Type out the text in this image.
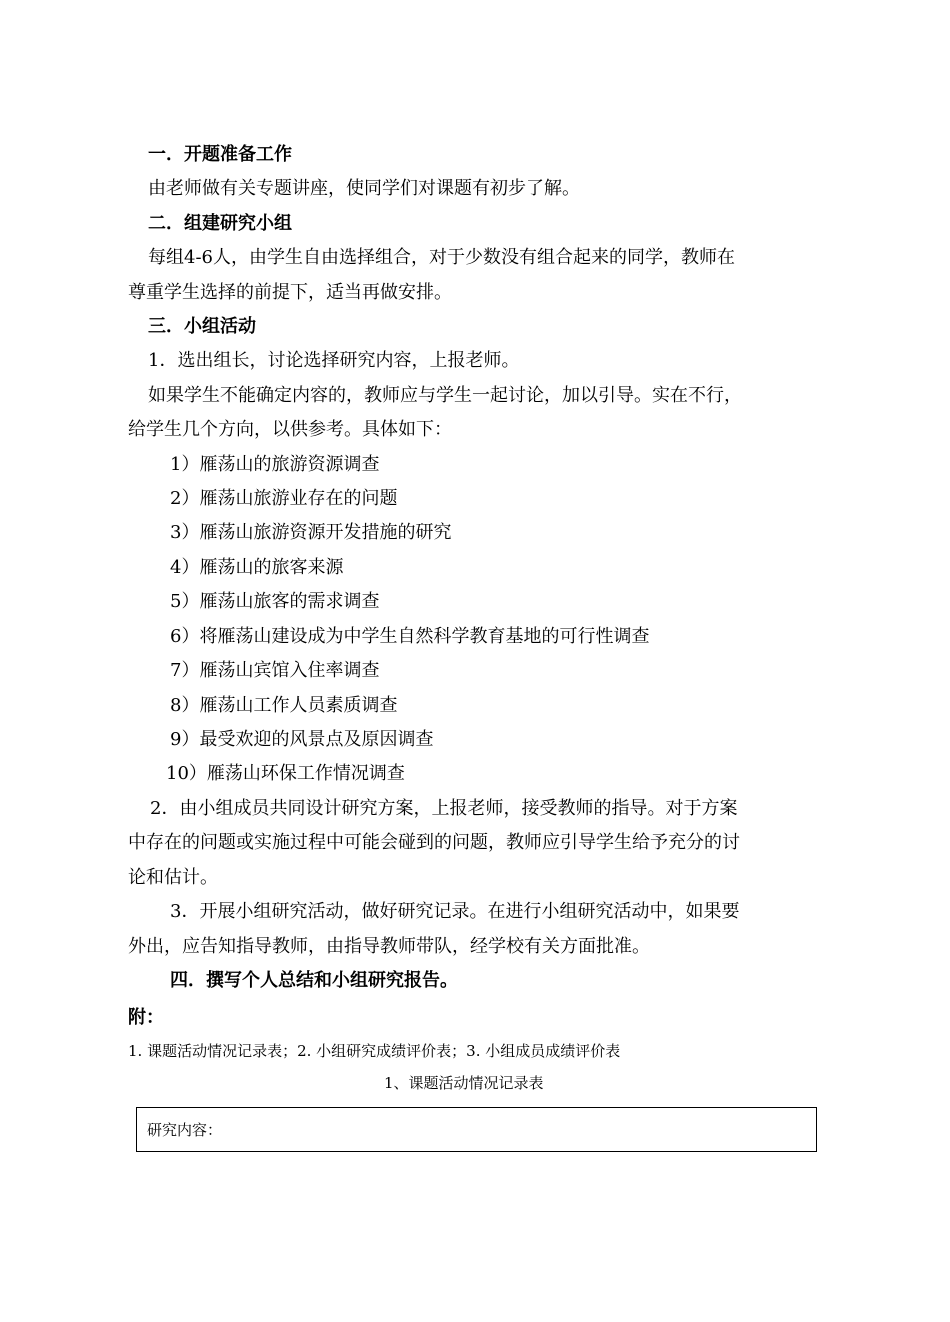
一．开题准备工作
由老师做有关专题讲座，使同学们对课题有初步了解。
二．组建研究小组
每组4-6人，由学生自由选择组合，对于少数没有组合起来的同学，教师在
尊重学生选择的前提下，适当再做安排。
三．小组活动
1．选出组长，讨论选择研究内容，上报老师。
如果学生不能确定内容的，教师应与学生一起讨论，加以引导。实在不行，
给学生几个方向，以供参考。具体如下：
1）雁荡山的旅游资源调查
2）雁荡山旅游业存在的问题
3）雁荡山旅游资源开发措施的研究
4）雁荡山的旅客来源
5）雁荡山旅客的需求调查
6）将雁荡山建设成为中学生自然科学教育基地的可行性调查
7）雁荡山宾馆入住率调查
8）雁荡山工作人员素质调查
9）最受欢迎的风景点及原因调查
10）雁荡山环保工作情况调查
2．由小组成员共同设计研究方案，上报老师，接受教师的指导。对于方案
中存在的问题或实施过程中可能会碰到的问题，教师应引导学生给予充分的讨
论和估计。
3．开展小组研究活动，做好研究记录。在进行小组研究活动中，如果要
外出，应告知指导教师，由指导教师带队，经学校有关方面批准。
四．撰写个人总结和小组研究报告。
附：
1. 课题活动情况记录表；2. 小组研究成绩评价表；3. 小组成员成绩评价表
1、课题活动情况记录表
研究内容：
